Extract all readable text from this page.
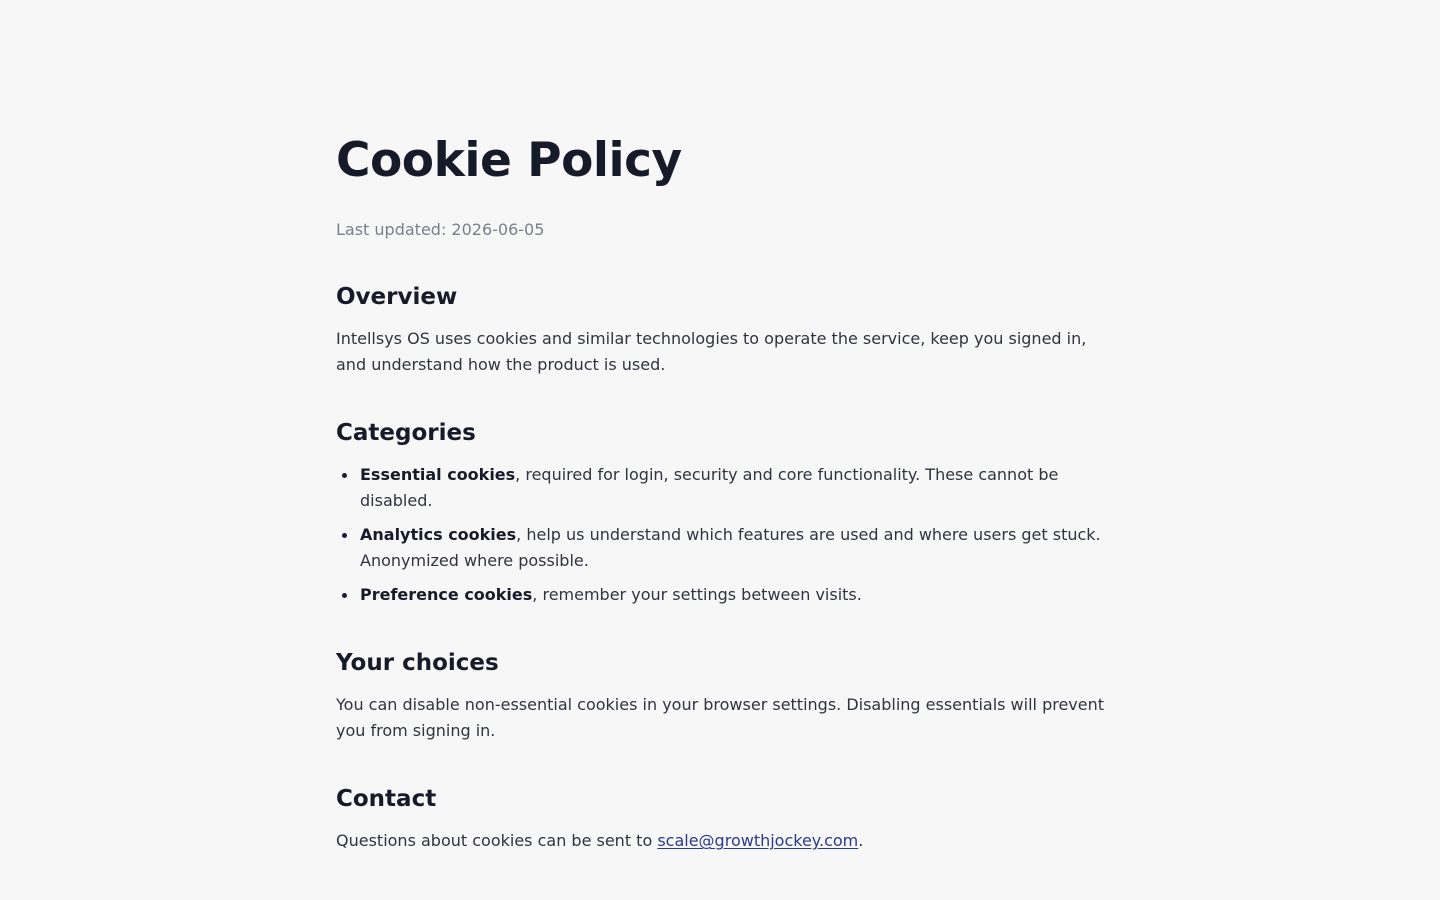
Cookie Policy
Last updated: 2026-06-05
Overview

Intellsys OS uses cookies and similar technologies to operate the service, keep you signed in, and understand how the product is used.

Categories
Essential cookies, required for login, security and core functionality. These cannot be disabled.
Analytics cookies, help us understand which features are used and where users get stuck. Anonymized where possible.
Preference cookies, remember your settings between visits.
Your choices

You can disable non-essential cookies in your browser settings. Disabling essentials will prevent you from signing in.

Contact

Questions about cookies can be sent to scale@growthjockey.com.
